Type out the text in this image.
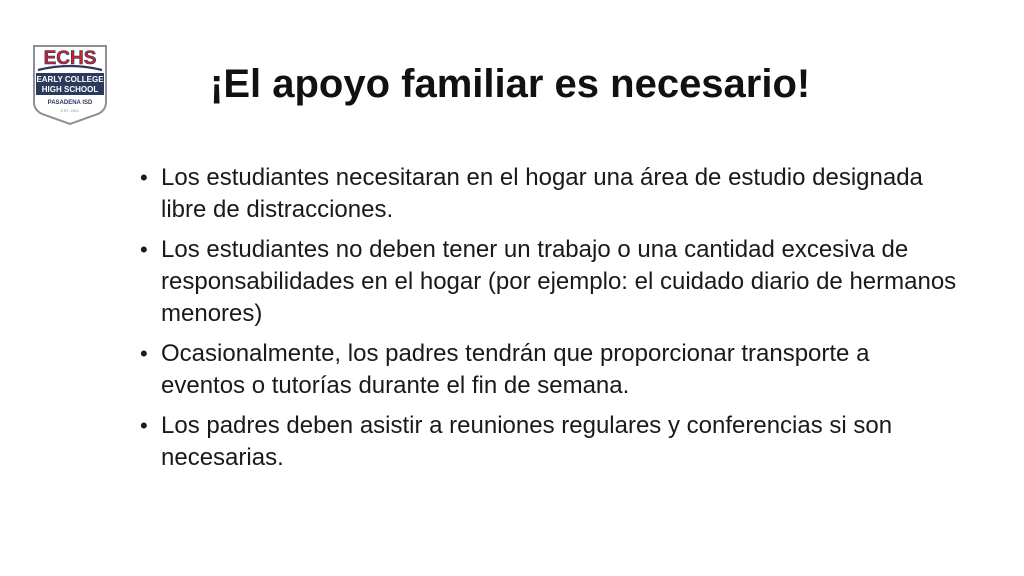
ECHS
EARLY COLLEGE
HIGH SCHOOL
PASADENA ISD
EST. 2011
¡El apoyo familiar es necesario!
• Los estudiantes necesitaran en el hogar una área de estudio designada libre de distracciones.
• Los estudiantes no deben tener un trabajo o una cantidad excesiva de responsabilidades en el hogar (por ejemplo: el cuidado diario de hermanos menores)
• Ocasionalmente, los padres tendrán que proporcionar transporte a eventos o tutorías durante el fin de semana.
• Los padres deben asistir a reuniones regulares y conferencias si son necesarias.
